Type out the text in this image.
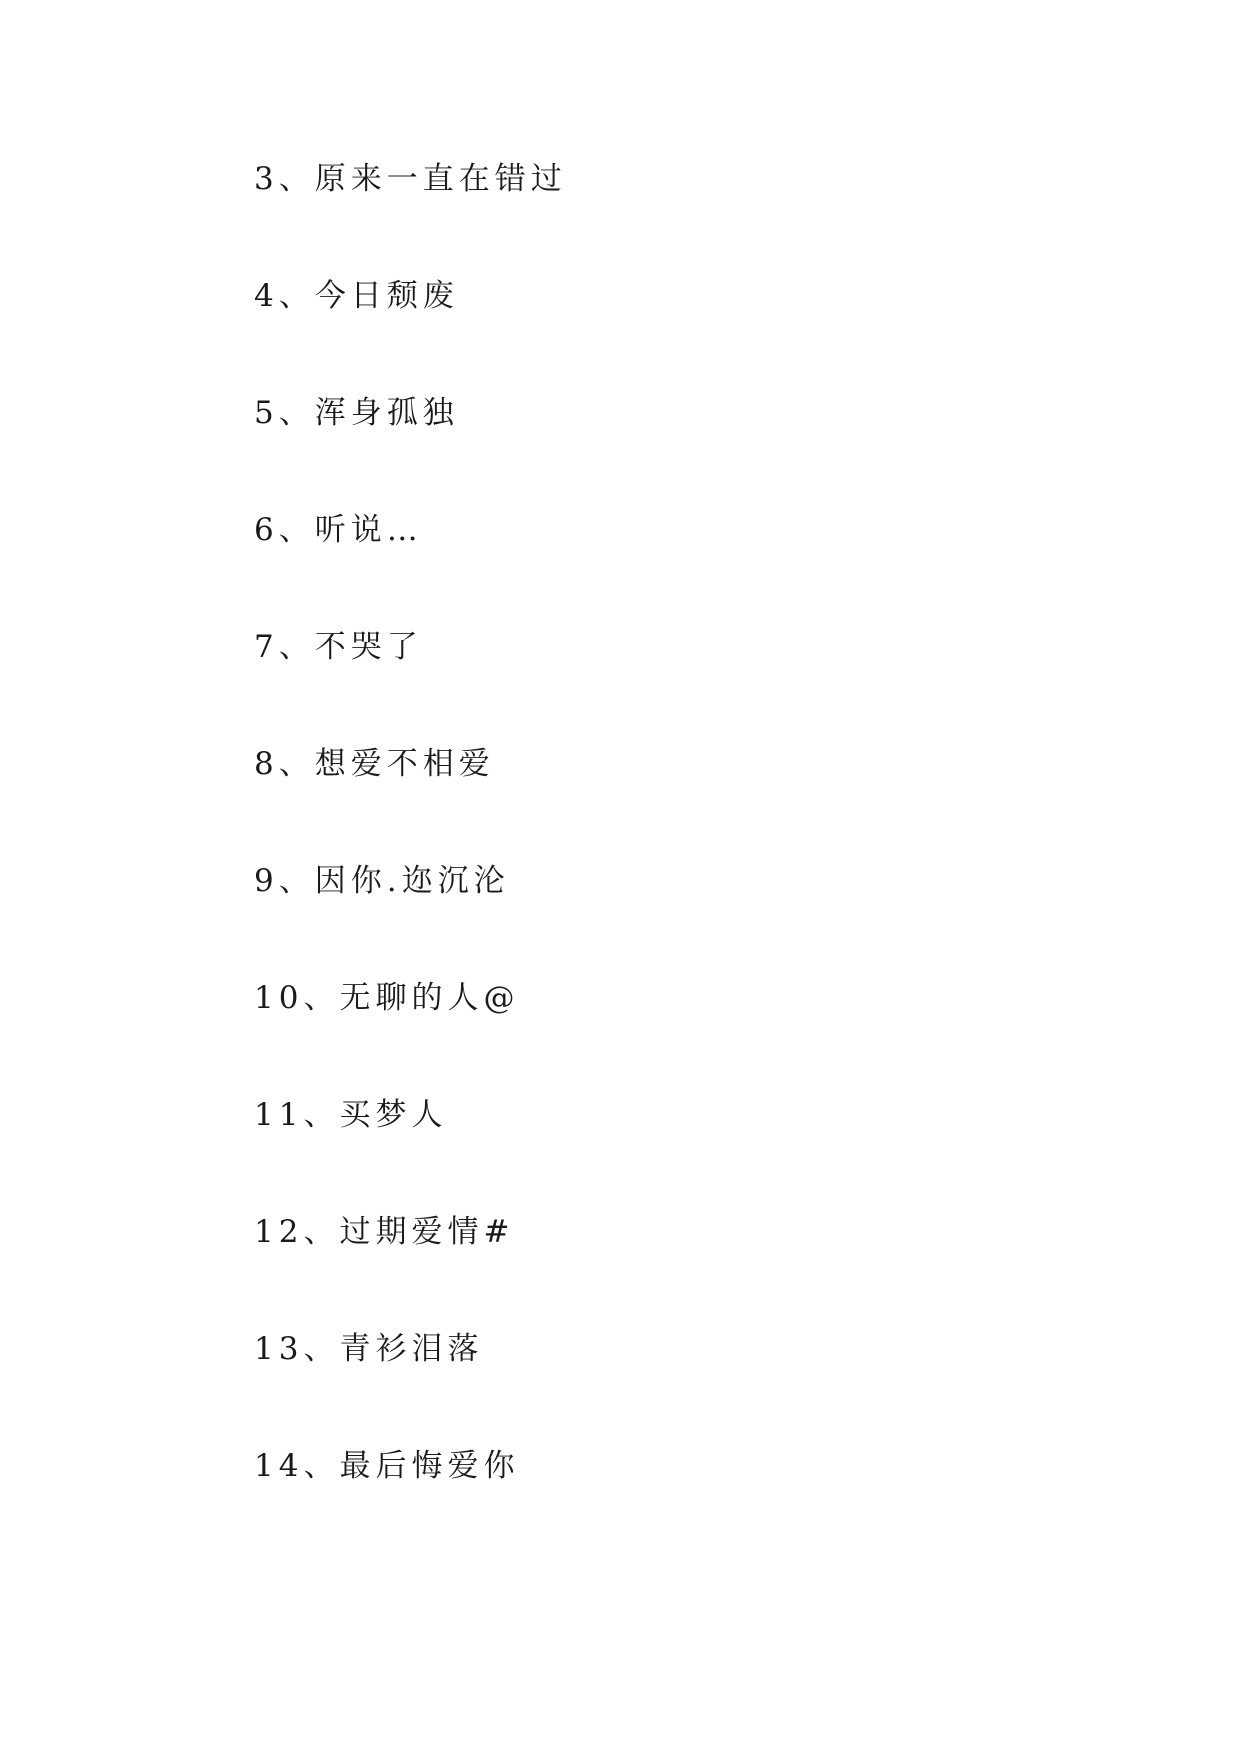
3、原来一直在错过
4、今日颓废
5、浑身孤独
6、听说…
7、不哭了
8、想爱不相爱
9、因你.迩沉沦
10、无聊的人@
11、买梦人
12、过期爱情#
13、青衫泪落
14、最后悔爱你
